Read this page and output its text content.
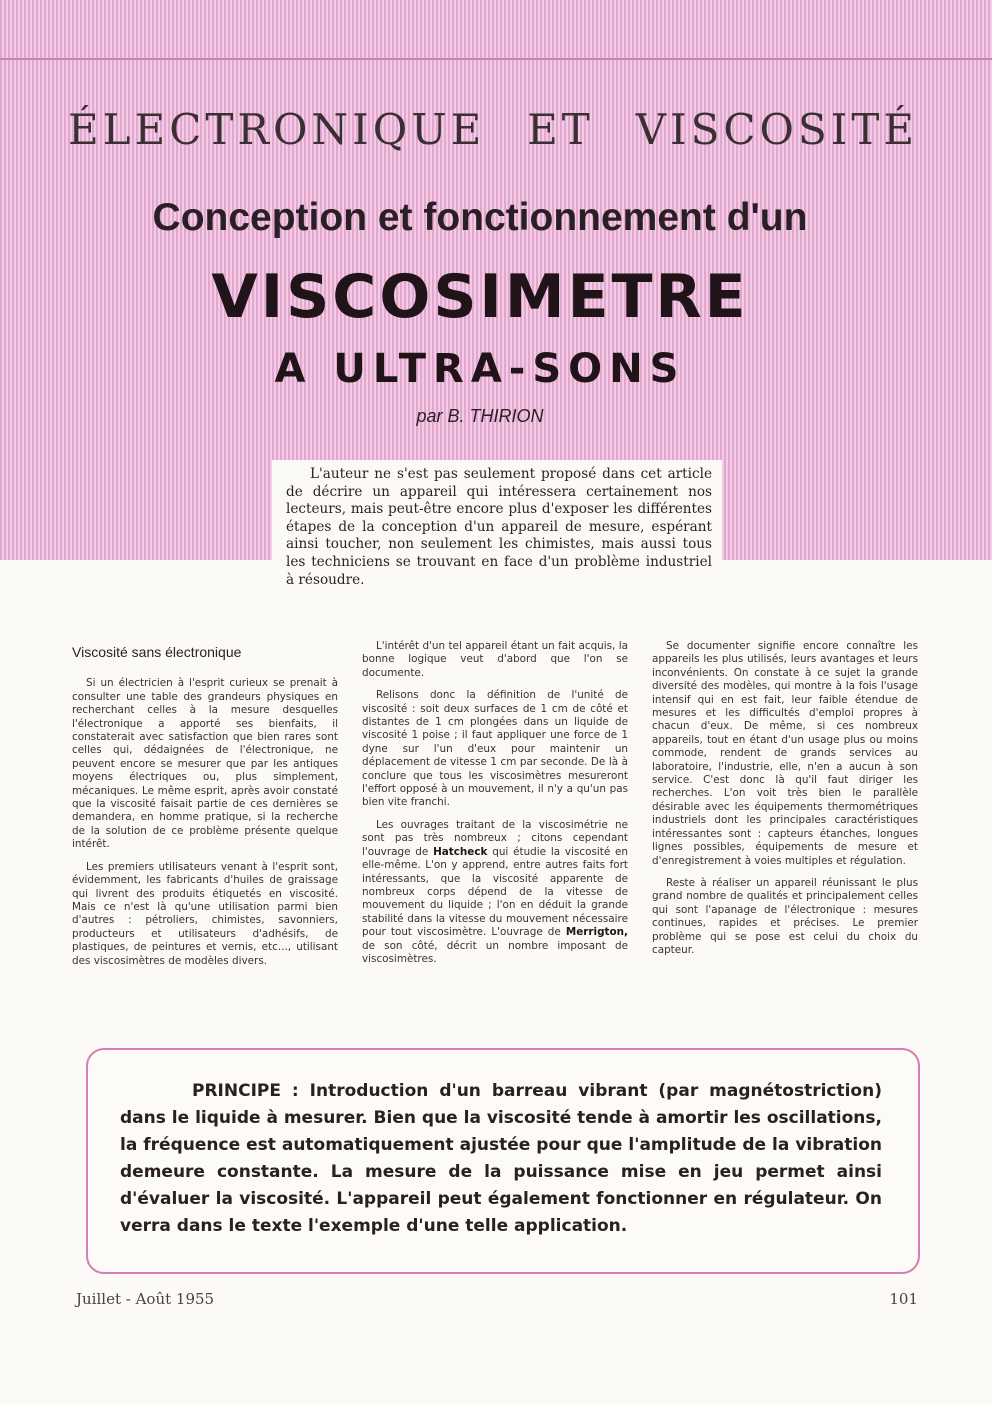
ÉLECTRONIQUE ET VISCOSITÉ
Conception et fonctionnement d'un
VISCOSIMETRE
A ULTRA-SONS

par B. THIRION

L'auteur ne s'est pas seulement proposé dans cet article de décrire un appareil qui intéressera certainement nos lecteurs, mais peut-être encore plus d'exposer les différentes étapes de la conception d'un appareil de mesure, espérant ainsi toucher, non seulement les chimistes, mais aussi tous les techniciens se trouvant en face d'un problème industriel à résoudre.

Viscosité sans électronique

Si un électricien à l'esprit curieux se prenait à consulter une table des grandeurs physiques en recherchant celles à la mesure desquelles l'électronique a apporté ses bienfaits, il constaterait avec satisfaction que bien rares sont celles qui, dédaignées de l'électronique, ne peuvent encore se mesurer que par les antiques moyens électriques ou, plus simplement, mécaniques. Le même esprit, après avoir constaté que la viscosité faisait partie de ces dernières se demandera, en homme pratique, si la recherche de la solution de ce problème présente quelque intérêt.

Les premiers utilisateurs venant à l'esprit sont, évidemment, les fabricants d'huiles de graissage qui livrent des produits étiquetés en viscosité. Mais ce n'est là qu'une utilisation parmi bien d'autres : pétroliers, chimistes, savonniers, producteurs et utilisateurs d'adhésifs, de plastiques, de peintures et vernis, etc..., utilisant des viscosimètres de modèles divers.

L'intérêt d'un tel appareil étant un fait acquis, la bonne logique veut d'abord que l'on se documente.

Relisons donc la définition de l'unité de viscosité : soit deux surfaces de 1 cm de côté et distantes de 1 cm plongées dans un liquide de viscosité 1 poise ; il faut appliquer une force de 1 dyne sur l'un d'eux pour maintenir un déplacement de vitesse 1 cm par seconde. De là à conclure que tous les viscosimètres mesureront l'effort opposé à un mouvement, il n'y a qu'un pas bien vite franchi.

Les ouvrages traitant de la viscosimétrie ne sont pas très nombreux ; citons cependant l'ouvrage de Hatcheck qui étudie la viscosité en elle-même. L'on y apprend, entre autres faits fort intéressants, que la viscosité apparente de nombreux corps dépend de la vitesse de mouvement du liquide ; l'on en déduit la grande stabilité dans la vitesse du mouvement nécessaire pour tout viscosimètre. L'ouvrage de Merrigton, de son côté, décrit un nombre imposant de viscosimètres.

Se documenter signifie encore connaître les appareils les plus utilisés, leurs avantages et leurs inconvénients. On constate à ce sujet la grande diversité des modèles, qui montre à la fois l'usage intensif qui en est fait, leur faible étendue de mesures et les difficultés d'emploi propres à chacun d'eux. De même, si ces nombreux appareils, tout en étant d'un usage plus ou moins commode, rendent de grands services au laboratoire, l'industrie, elle, n'en a aucun à son service. C'est donc là qu'il faut diriger les recherches. L'on voit très bien le parallèle désirable avec les équipements thermométriques industriels dont les principales caractéristiques intéressantes sont : capteurs étanches, longues lignes possibles, équipements de mesure et d'enregistrement à voies multiples et régulation.

Reste à réaliser un appareil réunissant le plus grand nombre de qualités et principalement celles qui sont l'apanage de l'électronique : mesures continues, rapides et précises. Le premier problème qui se pose est celui du choix du capteur.

PRINCIPE : Introduction d'un barreau vibrant (par magnétostriction) dans le liquide à mesurer. Bien que la viscosité tende à amortir les oscillations, la fréquence est automatiquement ajustée pour que l'amplitude de la vibration demeure constante. La mesure de la puissance mise en jeu permet ainsi d'évaluer la viscosité. L'appareil peut également fonctionner en régulateur. On verra dans le texte l'exemple d'une telle application.

Juillet - Août 1955	101
